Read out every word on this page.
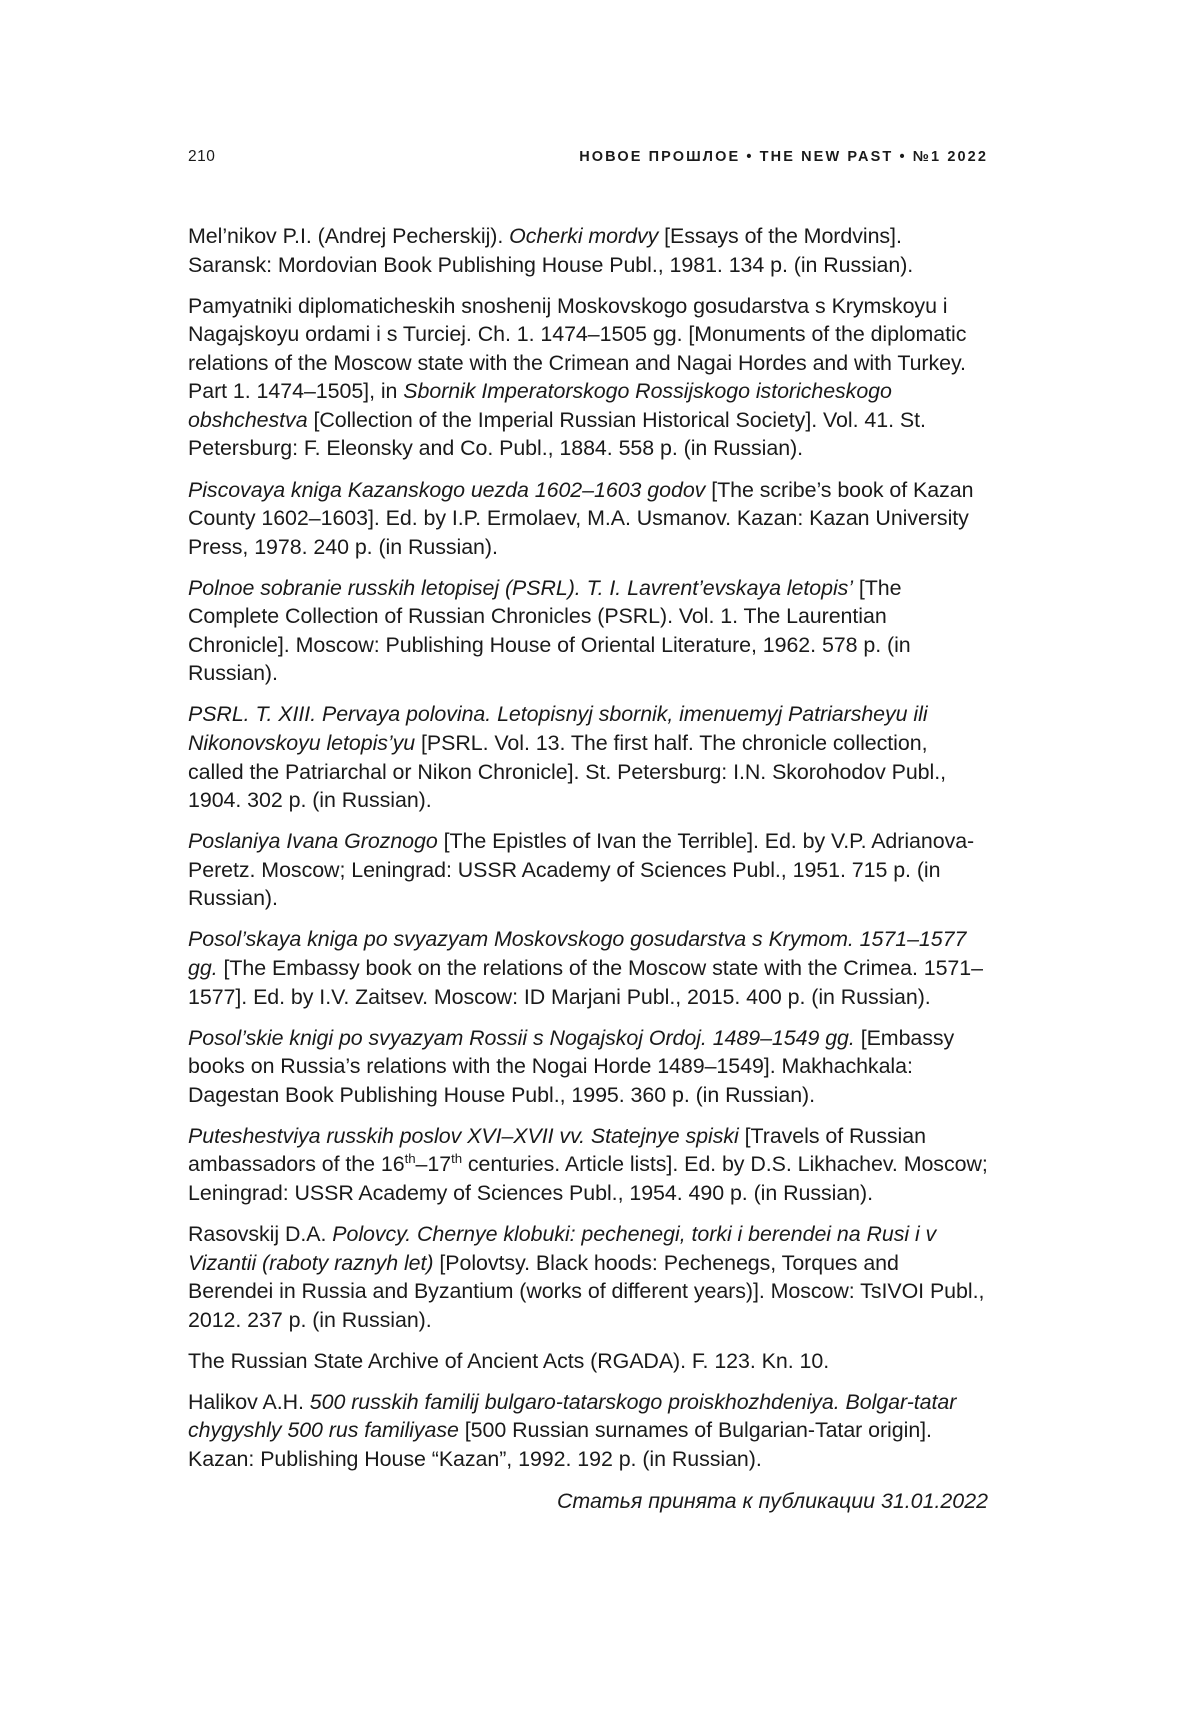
210	НОВОЕ ПРОШЛОЕ • THE NEW PAST • №1 2022

Mel’nikov P.I. (Andrej Pecherskij). Ocherki mordvy [Essays of the Mordvins]. Saransk: Mordovian Book Publishing House Publ., 1981. 134 p. (in Russian).

Pamyatniki diplomaticheskih snoshenij Moskovskogo gosudarstva s Krymskoyu i Nagajskoyu ordami i s Turciej. Ch. 1. 1474–1505 gg. [Monuments of the diplomatic relations of the Moscow state with the Crimean and Nagai Hordes and with Turkey. Part 1. 1474–1505], in Sbornik Imperatorskogo Rossijskogo istoricheskogo obshchestva [Collection of the Imperial Russian Historical Society]. Vol. 41. St. Petersburg: F. Eleonsky and Co. Publ., 1884. 558 p. (in Russian).

Piscovaya kniga Kazanskogo uezda 1602–1603 godov [The scribe’s book of Kazan County 1602–1603]. Ed. by I.P. Ermolaev, M.A. Usmanov. Kazan: Kazan University Press, 1978. 240 p. (in Russian).

Polnoe sobranie russkih letopisej (PSRL). T. I. Lavrent’evskaya letopis’ [The Complete Collection of Russian Chronicles (PSRL). Vol. 1. The Laurentian Chronicle]. Moscow: Publishing House of Oriental Literature, 1962. 578 p. (in Russian).

PSRL. T. XIII. Pervaya polovina. Letopisnyj sbornik, imenuemyj Patriarsheyu ili Nikonovskoyu letopis’yu [PSRL. Vol. 13. The first half. The chronicle collection, called the Patriarchal or Nikon Chronicle]. St. Petersburg: I.N. Skorohodov Publ., 1904. 302 p. (in Russian).

Poslaniya Ivana Groznogo [The Epistles of Ivan the Terrible]. Ed. by V.P. Adrianova-Peretz. Moscow; Leningrad: USSR Academy of Sciences Publ., 1951. 715 p. (in Russian).

Posol’skaya kniga po svyazyam Moskovskogo gosudarstva s Krymom. 1571–1577 gg. [The Embassy book on the relations of the Moscow state with the Crimea. 1571–1577]. Ed. by I.V. Zaitsev. Moscow: ID Marjani Publ., 2015. 400 p. (in Russian).

Posol’skie knigi po svyazyam Rossii s Nogajskoj Ordoj. 1489–1549 gg. [Embassy books on Russia’s relations with the Nogai Horde 1489–1549]. Makhachkala: Dagestan Book Publishing House Publ., 1995. 360 p. (in Russian).

Puteshestviya russkih poslov XVI–XVII vv. Statejnye spiski [Travels of Russian ambassadors of the 16th–17th centuries. Article lists]. Ed. by D.S. Likhachev. Moscow; Leningrad: USSR Academy of Sciences Publ., 1954. 490 p. (in Russian).

Rasovskij D.A. Polovcy. Chernye klobuki: pechenegi, torki i berendei na Rusi i v Vizantii (raboty raznyh let) [Polovtsy. Black hoods: Pechenegs, Torques and Berendei in Russia and Byzantium (works of different years)]. Moscow: TsIVOI Publ., 2012. 237 p. (in Russian).

The Russian State Archive of Ancient Acts (RGADA). F. 123. Kn. 10.

Halikov A.H. 500 russkih familij bulgaro-tatarskogo proiskhozhdeniya. Bolgar-tatar chygyshly 500 rus familiyase [500 Russian surnames of Bulgarian-Tatar origin]. Kazan: Publishing House “Kazan”, 1992. 192 p. (in Russian).

Статья принята к публикации 31.01.2022
